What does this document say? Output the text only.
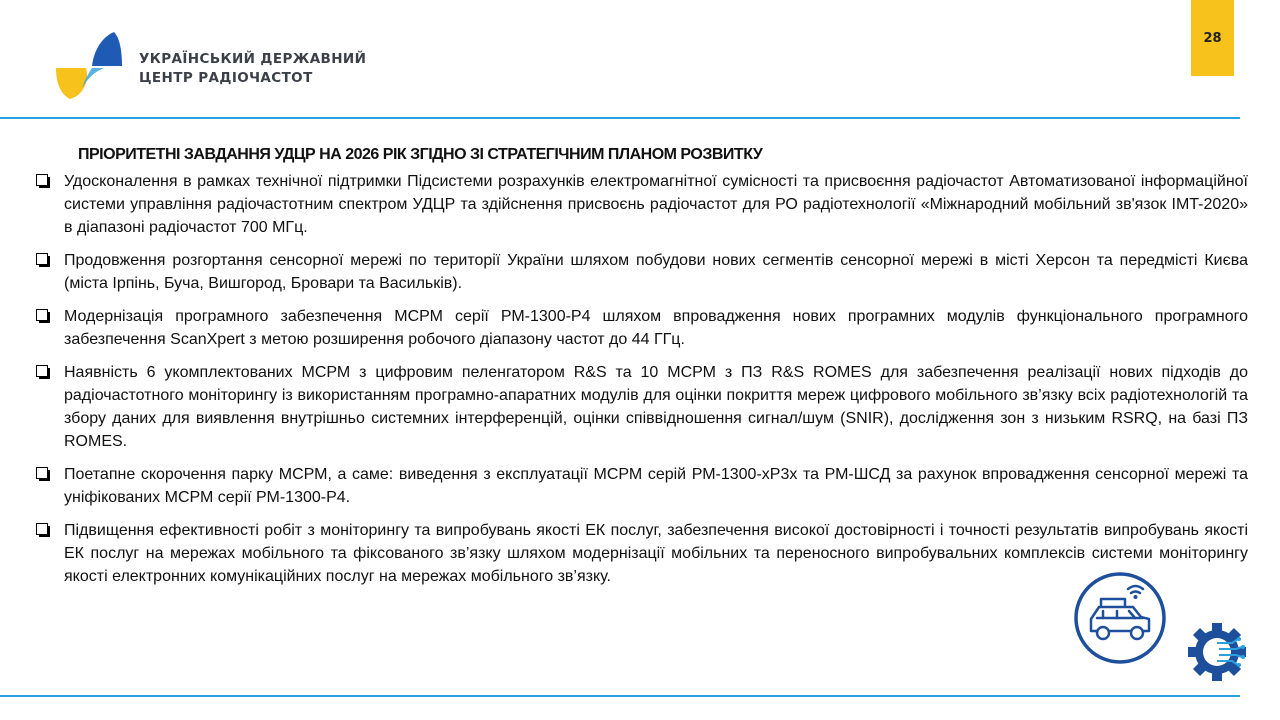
УКРАЇНСЬКИЙ ДЕРЖАВНИЙ
ЦЕНТР РАДІОЧАСТОТ
28
ПРІОРИТЕТНІ ЗАВДАННЯ УДЦР НА 2026 РІК ЗГІДНО ЗІ СТРАТЕГІЧНИМ ПЛАНОМ РОЗВИТКУ
Удосконалення в рамках технічної підтримки Підсистеми розрахунків електромагнітної сумісності та присвоєння радіочастот Автоматизованої інформаційної системи управління радіочастотним спектром УДЦР та здійснення присвоєнь радіочастот для РО радіотехнології «Міжнародний мобільний зв'язок IMT-2020» в діапазоні радіочастот 700 МГц.
Продовження розгортання сенсорної мережі по території України шляхом побудови нових сегментів сенсорної мережі в місті Херсон та передмісті Києва (міста Ірпінь, Буча, Вишгород, Бровари та Васильків).
Модернізація програмного забезпечення МСРМ серії РМ-1300-Р4 шляхом впровадження нових програмних модулів функціонального програмного забезпечення ScanXpert з метою розширення робочого діапазону частот до 44 ГГц.
Наявність 6 укомплектованих МСРМ з цифровим пеленгатором R&S та 10 МСРМ з ПЗ R&S ROMES для забезпечення реалізації нових підходів до радіочастотного моніторингу із використанням програмно-апаратних модулів для оцінки покриття мереж цифрового мобільного зв’язку всіх радіотехнологій та збору даних для виявлення внутрішньо системних інтерференцій, оцінки співвідношення сигнал/шум (SNIR), дослідження зон з низьким RSRQ, на базі ПЗ ROMES.
Поетапне скорочення парку МСРМ, а саме: виведення з експлуатації МСРМ серій РМ-1300-хР3х та РМ-ШСД за рахунок впровадження сенсорної мережі та уніфікованих МСРМ серії РМ-1300-Р4.
Підвищення ефективності робіт з моніторингу та випробувань якості ЕК послуг, забезпечення високої достовірності і точності результатів випробувань якості ЕК послуг на мережах мобільного та фіксованого зв’язку шляхом модернізації мобільних та переносного випробувальних комплексів системи моніторингу якості електронних комунікаційних послуг на мережах мобільного зв’язку.
